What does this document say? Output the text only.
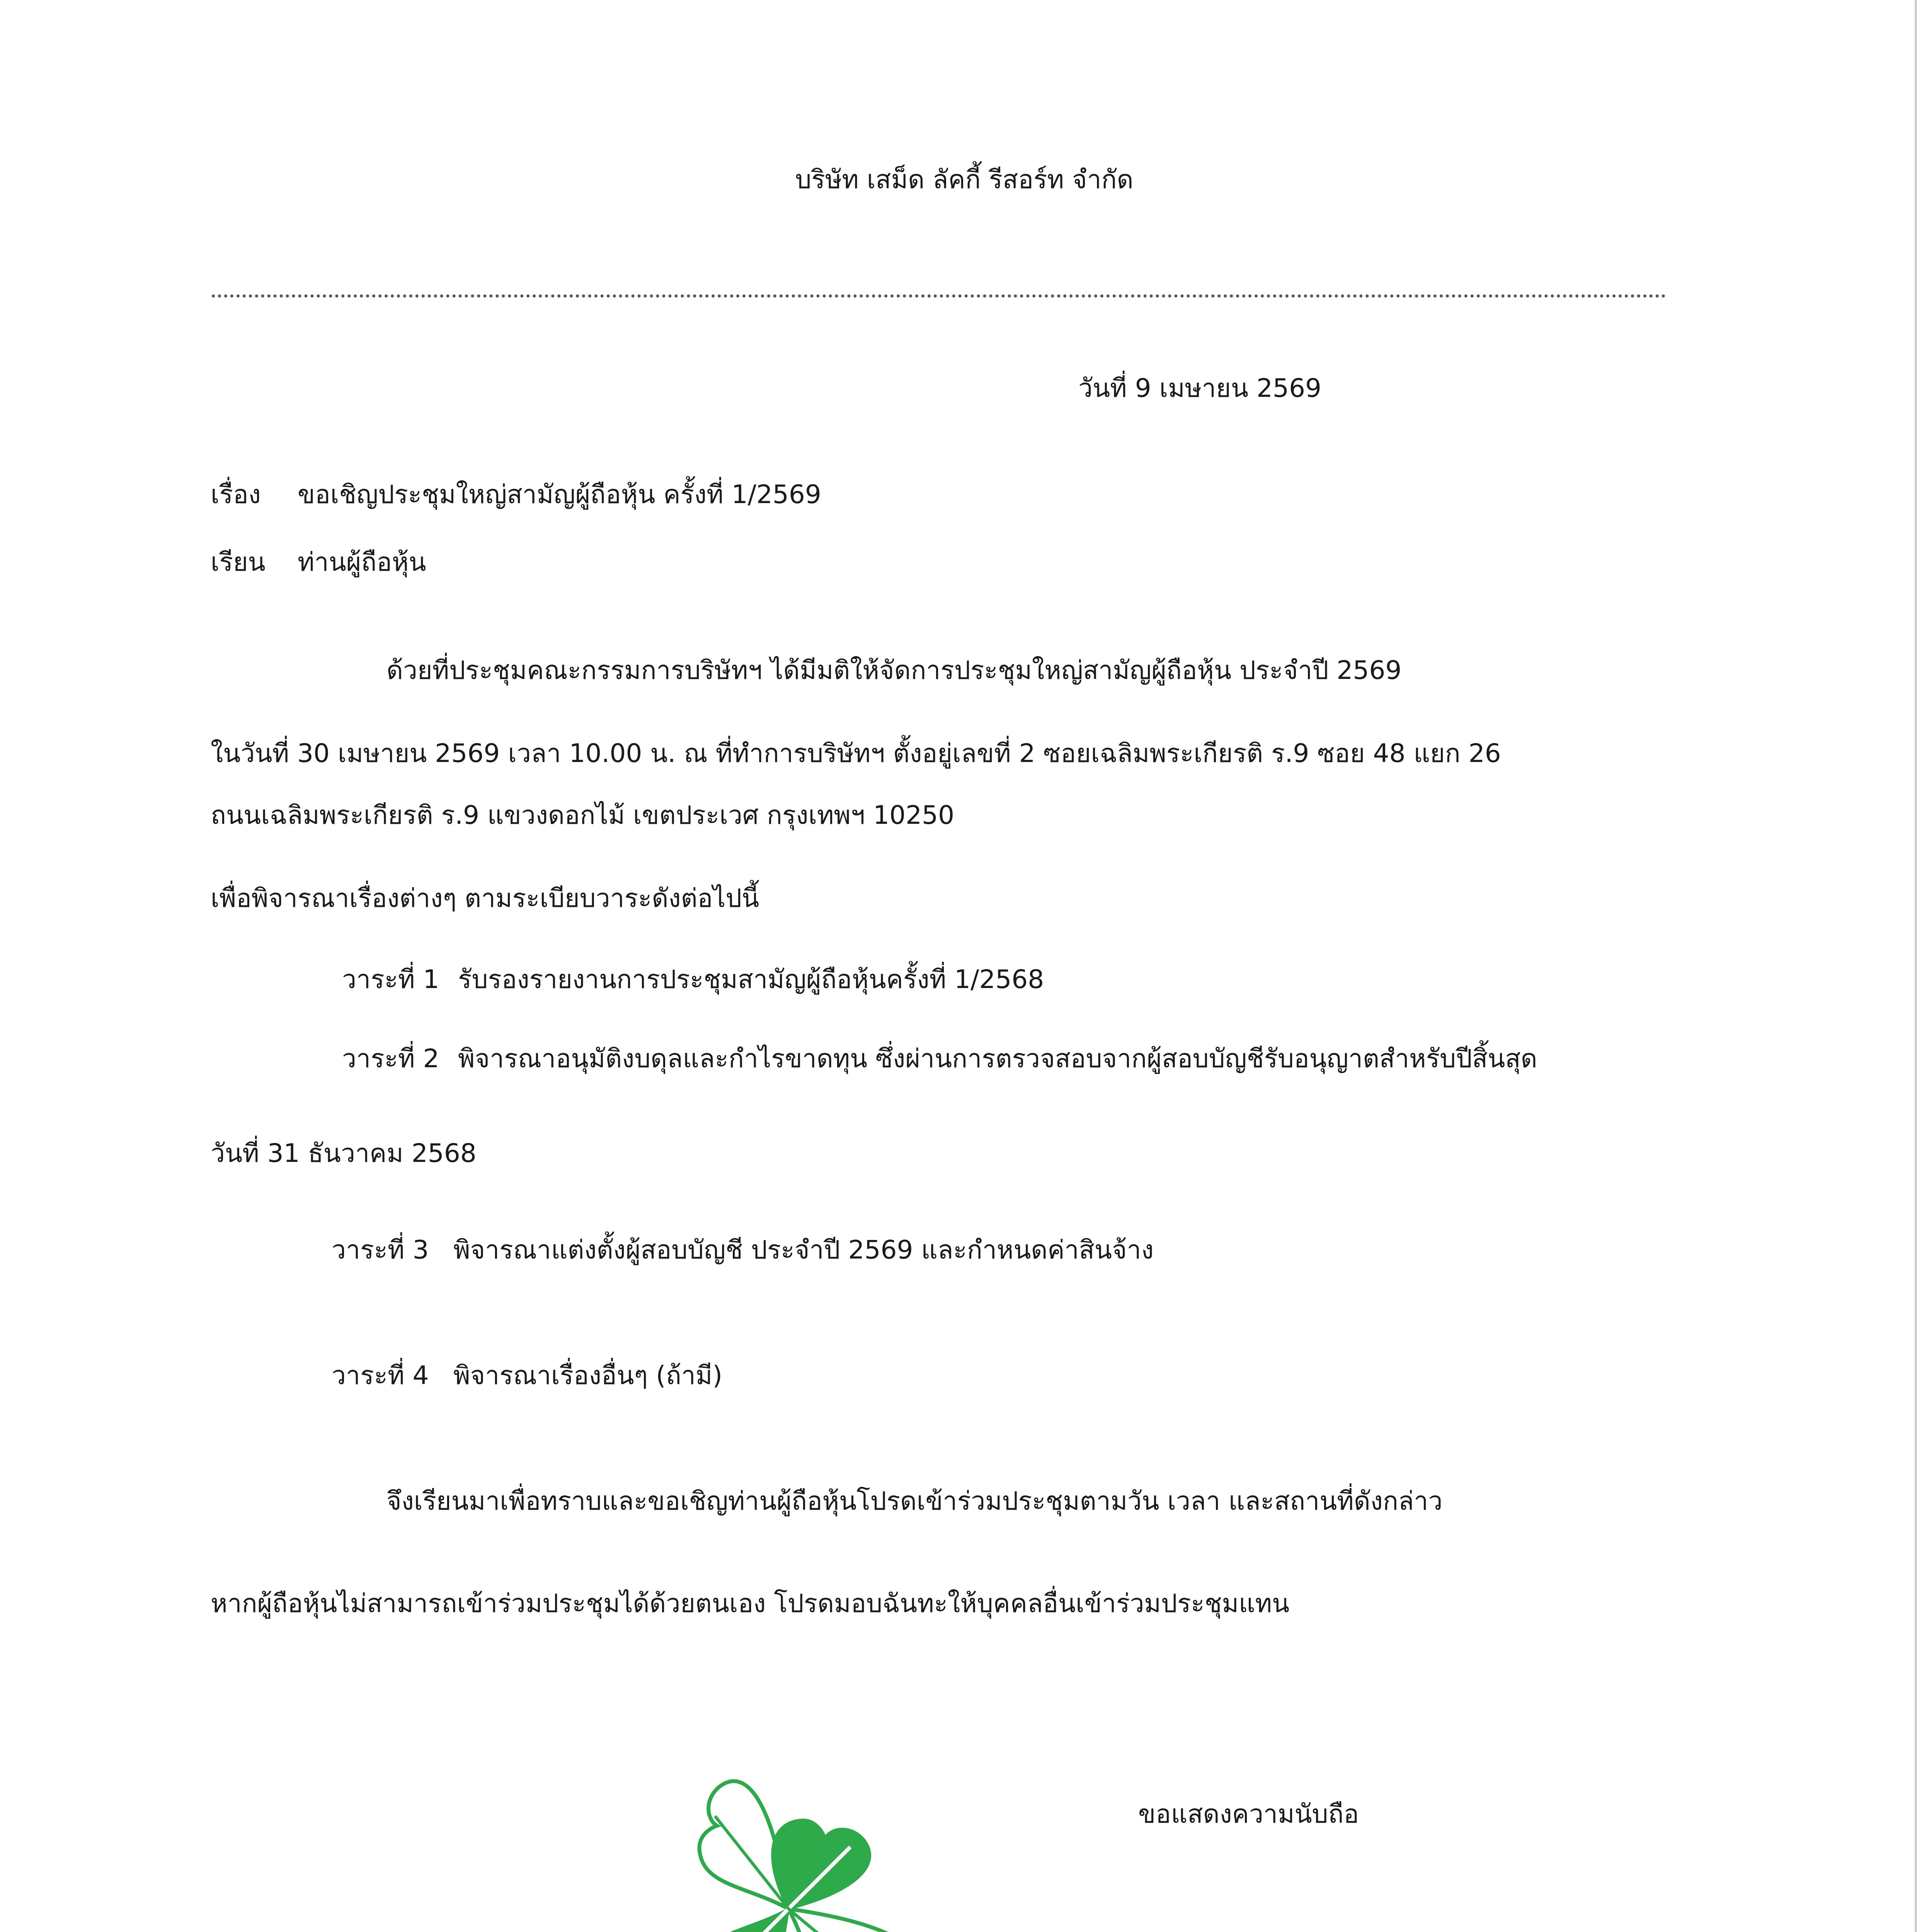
บริษัท เสม็ด ลัคกี้ รีสอร์ท จำกัด
วันที่ 9 เมษายน 2569
เรื่อง ขอเชิญประชุมใหญ่สามัญผู้ถือหุ้น ครั้งที่ 1/2569
เรียน ท่านผู้ถือหุ้น
ด้วยที่ประชุมคณะกรรมการบริษัทฯ ได้มีมติให้จัดการประชุมใหญ่สามัญผู้ถือหุ้น ประจำปี 2569
ในวันที่ 30 เมษายน 2569 เวลา 10.00 น. ณ ที่ทำการบริษัทฯ ตั้งอยู่เลขที่ 2 ซอยเฉลิมพระเกียรติ ร.9 ซอย 48 แยก 26
ถนนเฉลิมพระเกียรติ ร.9 แขวงดอกไม้ เขตประเวศ กรุงเทพฯ 10250
เพื่อพิจารณาเรื่องต่างๆ ตามระเบียบวาระดังต่อไปนี้
วาระที่ 1 รับรองรายงานการประชุมสามัญผู้ถือหุ้นครั้งที่ 1/2568
วาระที่ 2 พิจารณาอนุมัติงบดุลและกำไรขาดทุน ซึ่งผ่านการตรวจสอบจากผู้สอบบัญชีรับอนุญาตสำหรับปีสิ้นสุด
วันที่ 31 ธันวาคม 2568
วาระที่ 3 พิจารณาแต่งตั้งผู้สอบบัญชี ประจำปี 2569 และกำหนดค่าสินจ้าง
วาระที่ 4 พิจารณาเรื่องอื่นๆ (ถ้ามี)
จึงเรียนมาเพื่อทราบและขอเชิญท่านผู้ถือหุ้นโปรดเข้าร่วมประชุมตามวัน เวลา และสถานที่ดังกล่าว
หากผู้ถือหุ้นไม่สามารถเข้าร่วมประชุมได้ด้วยตนเอง โปรดมอบฉันทะให้บุคคลอื่นเข้าร่วมประชุมแทน
ขอแสดงความนับถือ
